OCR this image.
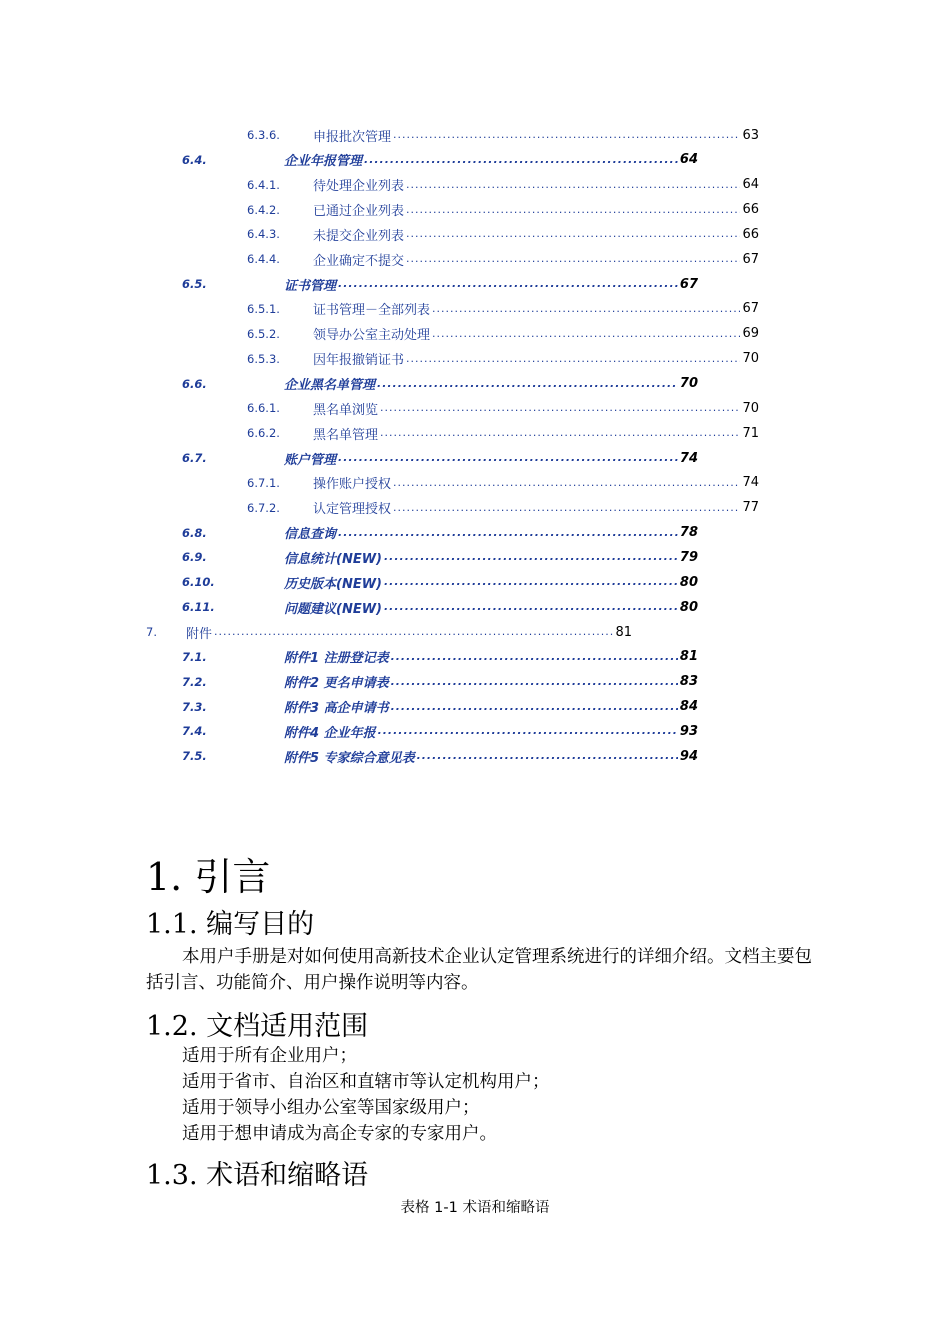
6.3.6.	申报批次管理 .....	63
6.4.	企业年报管理 .....	64
6.4.1.	待处理企业列表 .....	64
6.4.2.	已通过企业列表 .....	66
6.4.3.	未提交企业列表 .....	66
6.4.4.	企业确定不提交 .....	67
6.5.	证书管理 .....	67
6.5.1.	证书管理－全部列表 .....	67
6.5.2.	领导办公室主动处理 .....	69
6.5.3.	因年报撤销证书 .....	70
6.6.	企业黑名单管理 .....	70
6.6.1.	黑名单浏览 .....	70
6.6.2.	黑名单管理 .....	71
6.7.	账户管理 .....	74
6.7.1.	操作账户授权 .....	74
6.7.2.	认定管理授权 .....	77
6.8.	信息查询 .....	78
6.9.	信息统计(NEW) .....	79
6.10.	历史版本(NEW) .....	80
6.11.	问题建议(NEW) .....	80
7.	附件 .....	81
7.1.	附件1 注册登记表 .....	81
7.2.	附件2 更名申请表 .....	83
7.3.	附件3 高企申请书 .....	84
7.4.	附件4 企业年报 .....	93
7.5.	附件5 专家综合意见表 .....	94
1. 引言
1.1. 编写目的
本用户手册是对如何使用高新技术企业认定管理系统进行的详细介绍。文档主要包括引言、功能简介、用户操作说明等内容。
1.2. 文档适用范围
适用于所有企业用户；
适用于省市、自治区和直辖市等认定机构用户；
适用于领导小组办公室等国家级用户；
适用于想申请成为高企专家的专家用户。
1.3. 术语和缩略语
表格 1-1 术语和缩略语
